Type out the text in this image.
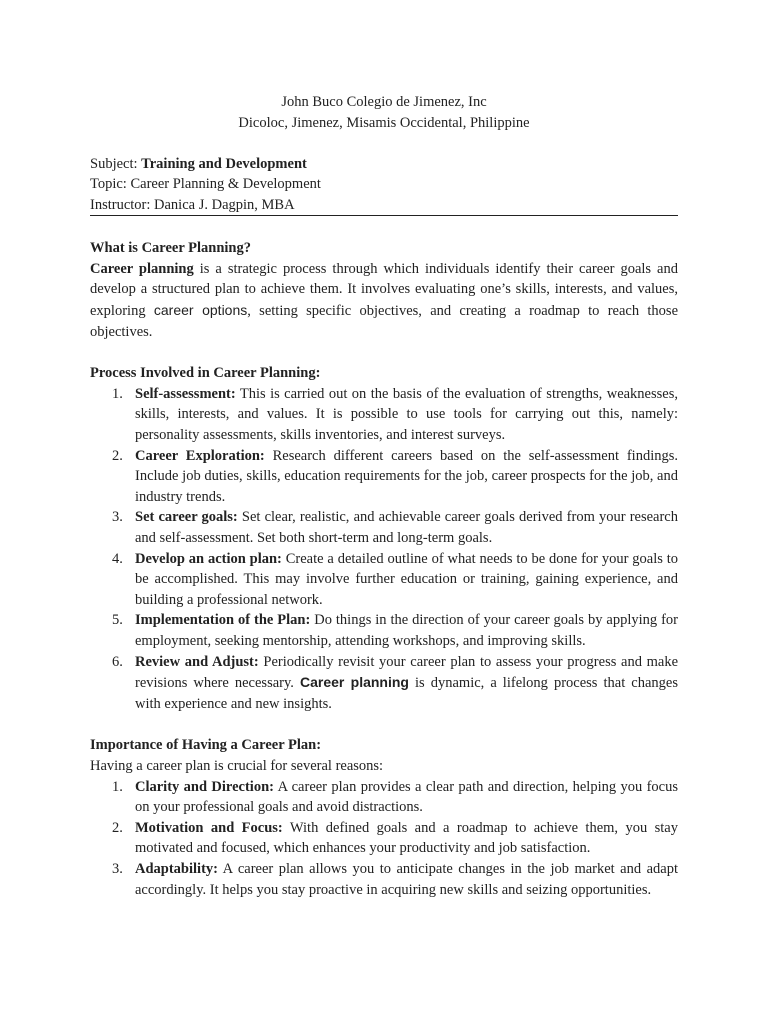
John Buco Colegio de Jimenez, Inc
Dicoloc, Jimenez, Misamis Occidental, Philippine
Subject: Training and Development
Topic: Career Planning & Development
Instructor: Danica J. Dagpin, MBA
What is Career Planning?

Career planning is a strategic process through which individuals identify their career goals and develop a structured plan to achieve them. It involves evaluating one’s skills, interests, and values, exploring career options, setting specific objectives, and creating a roadmap to reach those objectives.

Process Involved in Career Planning:
1. Self-assessment: This is carried out on the basis of the evaluation of strengths, weaknesses, skills, interests, and values. It is possible to use tools for carrying out this, namely: personality assessments, skills inventories, and interest surveys.
2. Career Exploration: Research different careers based on the self-assessment findings. Include job duties, skills, education requirements for the job, career prospects for the job, and industry trends.
3. Set career goals: Set clear, realistic, and achievable career goals derived from your research and self-assessment. Set both short-term and long-term goals.
4. Develop an action plan: Create a detailed outline of what needs to be done for your goals to be accomplished. This may involve further education or training, gaining experience, and building a professional network.
5. Implementation of the Plan: Do things in the direction of your career goals by applying for employment, seeking mentorship, attending workshops, and improving skills.
6. Review and Adjust: Periodically revisit your career plan to assess your progress and make revisions where necessary. Career planning is dynamic, a lifelong process that changes with experience and new insights.
Importance of Having a Career Plan:

Having a career plan is crucial for several reasons:

1. Clarity and Direction: A career plan provides a clear path and direction, helping you focus on your professional goals and avoid distractions.
2. Motivation and Focus: With defined goals and a roadmap to achieve them, you stay motivated and focused, which enhances your productivity and job satisfaction.
3. Adaptability: A career plan allows you to anticipate changes in the job market and adapt accordingly. It helps you stay proactive in acquiring new skills and seizing opportunities.
